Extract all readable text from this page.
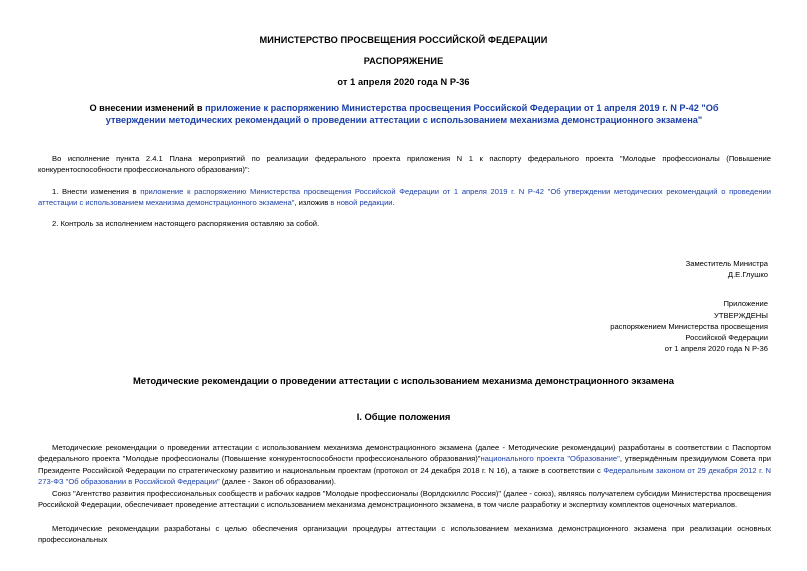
МИНИСТЕРСТВО ПРОСВЕЩЕНИЯ РОССИЙСКОЙ ФЕДЕРАЦИИ
РАСПОРЯЖЕНИЕ
от 1 апреля 2020 года N Р-36
О внесении изменений в приложение к распоряжению Министерства просвещения Российской Федерации от 1 апреля 2019 г. N Р-42 "Об утверждении методических рекомендаций о проведении аттестации с использованием механизма демонстрационного экзамена"
Во исполнение пункта 2.4.1 Плана мероприятий по реализации федерального проекта приложения N 1 к паспорту федерального проекта "Молодые профессионалы (Повышение конкурентоспособности профессионального образования)":
1. Внести изменения в приложение к распоряжению Министерства просвещения Российской Федерации от 1 апреля 2019 г. N Р-42 "Об утверждении методических рекомендаций о проведении аттестации с использованием механизма демонстрационного экзамена", изложив в новой редакции.
2. Контроль за исполнением настоящего распоряжения оставляю за собой.
Заместитель Министра
Д.Е.Глушко
Приложение
УТВЕРЖДЕНЫ
распоряжением Министерства просвещения
Российской Федерации
от 1 апреля 2020 года N Р-36
Методические рекомендации о проведении аттестации с использованием механизма демонстрационного экзамена
I. Общие положения
Методические рекомендации о проведении аттестации с использованием механизма демонстрационного экзамена (далее - Методические рекомендации) разработаны в соответствии с Паспортом федерального проекта "Молодые профессионалы (Повышение конкурентоспособности профессионального образования)"национального проекта "Образование", утверждённым президиумом Совета при Президенте Российской Федерации по стратегическому развитию и национальным проектам (протокол от 24 декабря 2018 г. N 16), а также в соответствии с Федеральным законом от 29 декабря 2012 г. N 273-ФЗ "Об образовании в Российской Федерации" (далее - Закон об образовании).
Союз "Агентство развития профессиональных сообществ и рабочих кадров "Молодые профессионалы (Ворлдскиллс Россия)" (далее - союз), являясь получателем субсидии Министерства просвещения Российской Федерации, обеспечивает проведение аттестации с использованием механизма демонстрационного экзамена, в том числе разработку и экспертизу комплектов оценочных материалов.
Методические рекомендации разработаны с целью обеспечения организации процедуры аттестации с использованием механизма демонстрационного экзамена при реализации основных профессиональных
